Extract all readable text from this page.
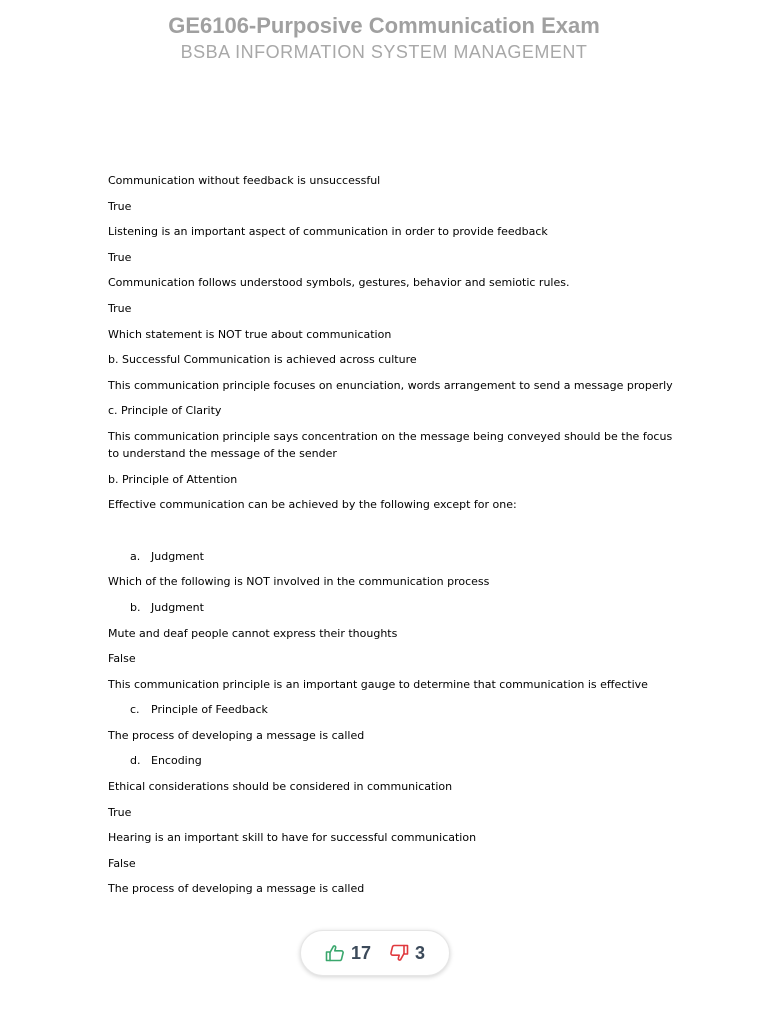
GE6106-Purposive Communication Exam
BSBA INFORMATION SYSTEM MANAGEMENT
Communication without feedback is unsuccessful
True
Listening is an important aspect of communication in order to provide feedback
True
Communication follows understood symbols, gestures, behavior and semiotic rules.
True
Which statement is NOT true about communication
b. Successful Communication is achieved across culture
This communication principle focuses on enunciation, words arrangement to send a message properly
c. Principle of Clarity
This communication principle says concentration on the message being conveyed should be the focus to understand the message of the sender
b. Principle of Attention
Effective communication can be achieved by the following except for one:
a. Judgment
Which of the following is NOT involved in the communication process
b. Judgment
Mute and deaf people cannot express their thoughts
False
This communication principle is an important gauge to determine that communication is effective
c. Principle of Feedback
The process of developing a message is called
d. Encoding
Ethical considerations should be considered in communication
True
Hearing is an important skill to have for successful communication
False
The process of developing a message is called
17 3
